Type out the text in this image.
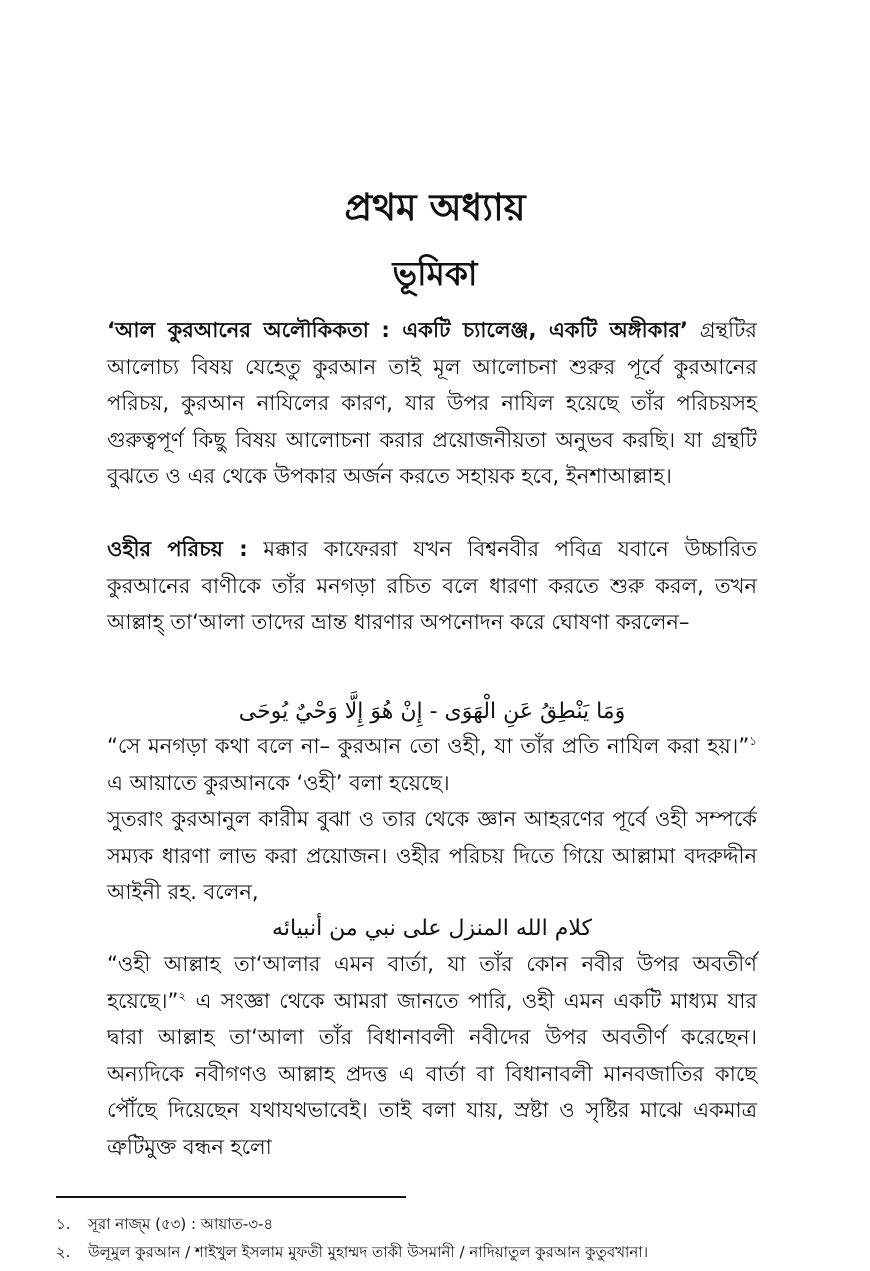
প্রথম অধ্যায়
ভূমিকা
‘আল কুরআনের অলৌকিকতা : একটি চ্যালেঞ্জ, একটি অঙ্গীকার’ গ্রন্থটির আলোচ্য বিষয় যেহেতু কুরআন তাই মূল আলোচনা শুরুর পূর্বে কুরআনের পরিচয়, কুরআন নাযিলের কারণ, যার উপর নাযিল হয়েছে তাঁর পরিচয়সহ গুরুত্বপূর্ণ কিছু বিষয় আলোচনা করার প্রয়োজনীয়তা অনুভব করছি। যা গ্রন্থটি বুঝতে ও এর থেকে উপকার অর্জন করতে সহায়ক হবে, ইনশাআল্লাহ।
ওহীর পরিচয় : মক্কার কাফেররা যখন বিশ্বনবীর পবিত্র যবানে উচ্চারিত কুরআনের বাণীকে তাঁর মনগড়া রচিত বলে ধারণা করতে শুরু করল, তখন আল্লাহ্ তা‘আলা তাদের ভ্রান্ত ধারণার অপনোদন করে ঘোষণা করলেন–
وَمَا يَنْطِقُ عَنِ الْهَوَى - إِنْ هُوَ إِلَّا وَحْيٌ يُوحَى
“সে মনগড়া কথা বলে না– কুরআন তো ওহী, যা তাঁর প্রতি নাযিল করা হয়।”$^১$ এ আয়াতে কুরআনকে ‘ওহী’ বলা হয়েছে।
সুতরাং কুরআনুল কারীম বুঝা ও তার থেকে জ্ঞান আহরণের পূর্বে ওহী সম্পর্কে সম্যক ধারণা লাভ করা প্রয়োজন। ওহীর পরিচয় দিতে গিয়ে আল্লামা বদরুদ্দীন আইনী রহ. বলেন,
كلام الله المنزل على نبي من أنبيائه
“ওহী আল্লাহ তা‘আলার এমন বার্তা, যা তাঁর কোন নবীর উপর অবতীর্ণ হয়েছে।”$^২$ এ সংজ্ঞা থেকে আমরা জানতে পারি, ওহী এমন একটি মাধ্যম যার দ্বারা আল্লাহ তা‘আলা তাঁর বিধানাবলী নবীদের উপর অবতীর্ণ করেছেন। অন্যদিকে নবীগণও আল্লাহ প্রদত্ত এ বার্তা বা বিধানাবলী মানবজাতির কাছে পৌঁছে দিয়েছেন যথাযথভাবেই। তাই বলা যায়, স্রষ্টা ও সৃষ্টির মাঝে একমাত্র ত্রুটিমুক্ত বন্ধন হলো
১. সূরা নাজ্‌ম (৫৩) : আয়াত-৩-৪
২. উলূমুল কুরআন / শাইখুল ইসলাম মুফতী মুহাম্মদ তাকী উসমানী / নাদিয়াতুল কুরআন কুতুবখানা।
